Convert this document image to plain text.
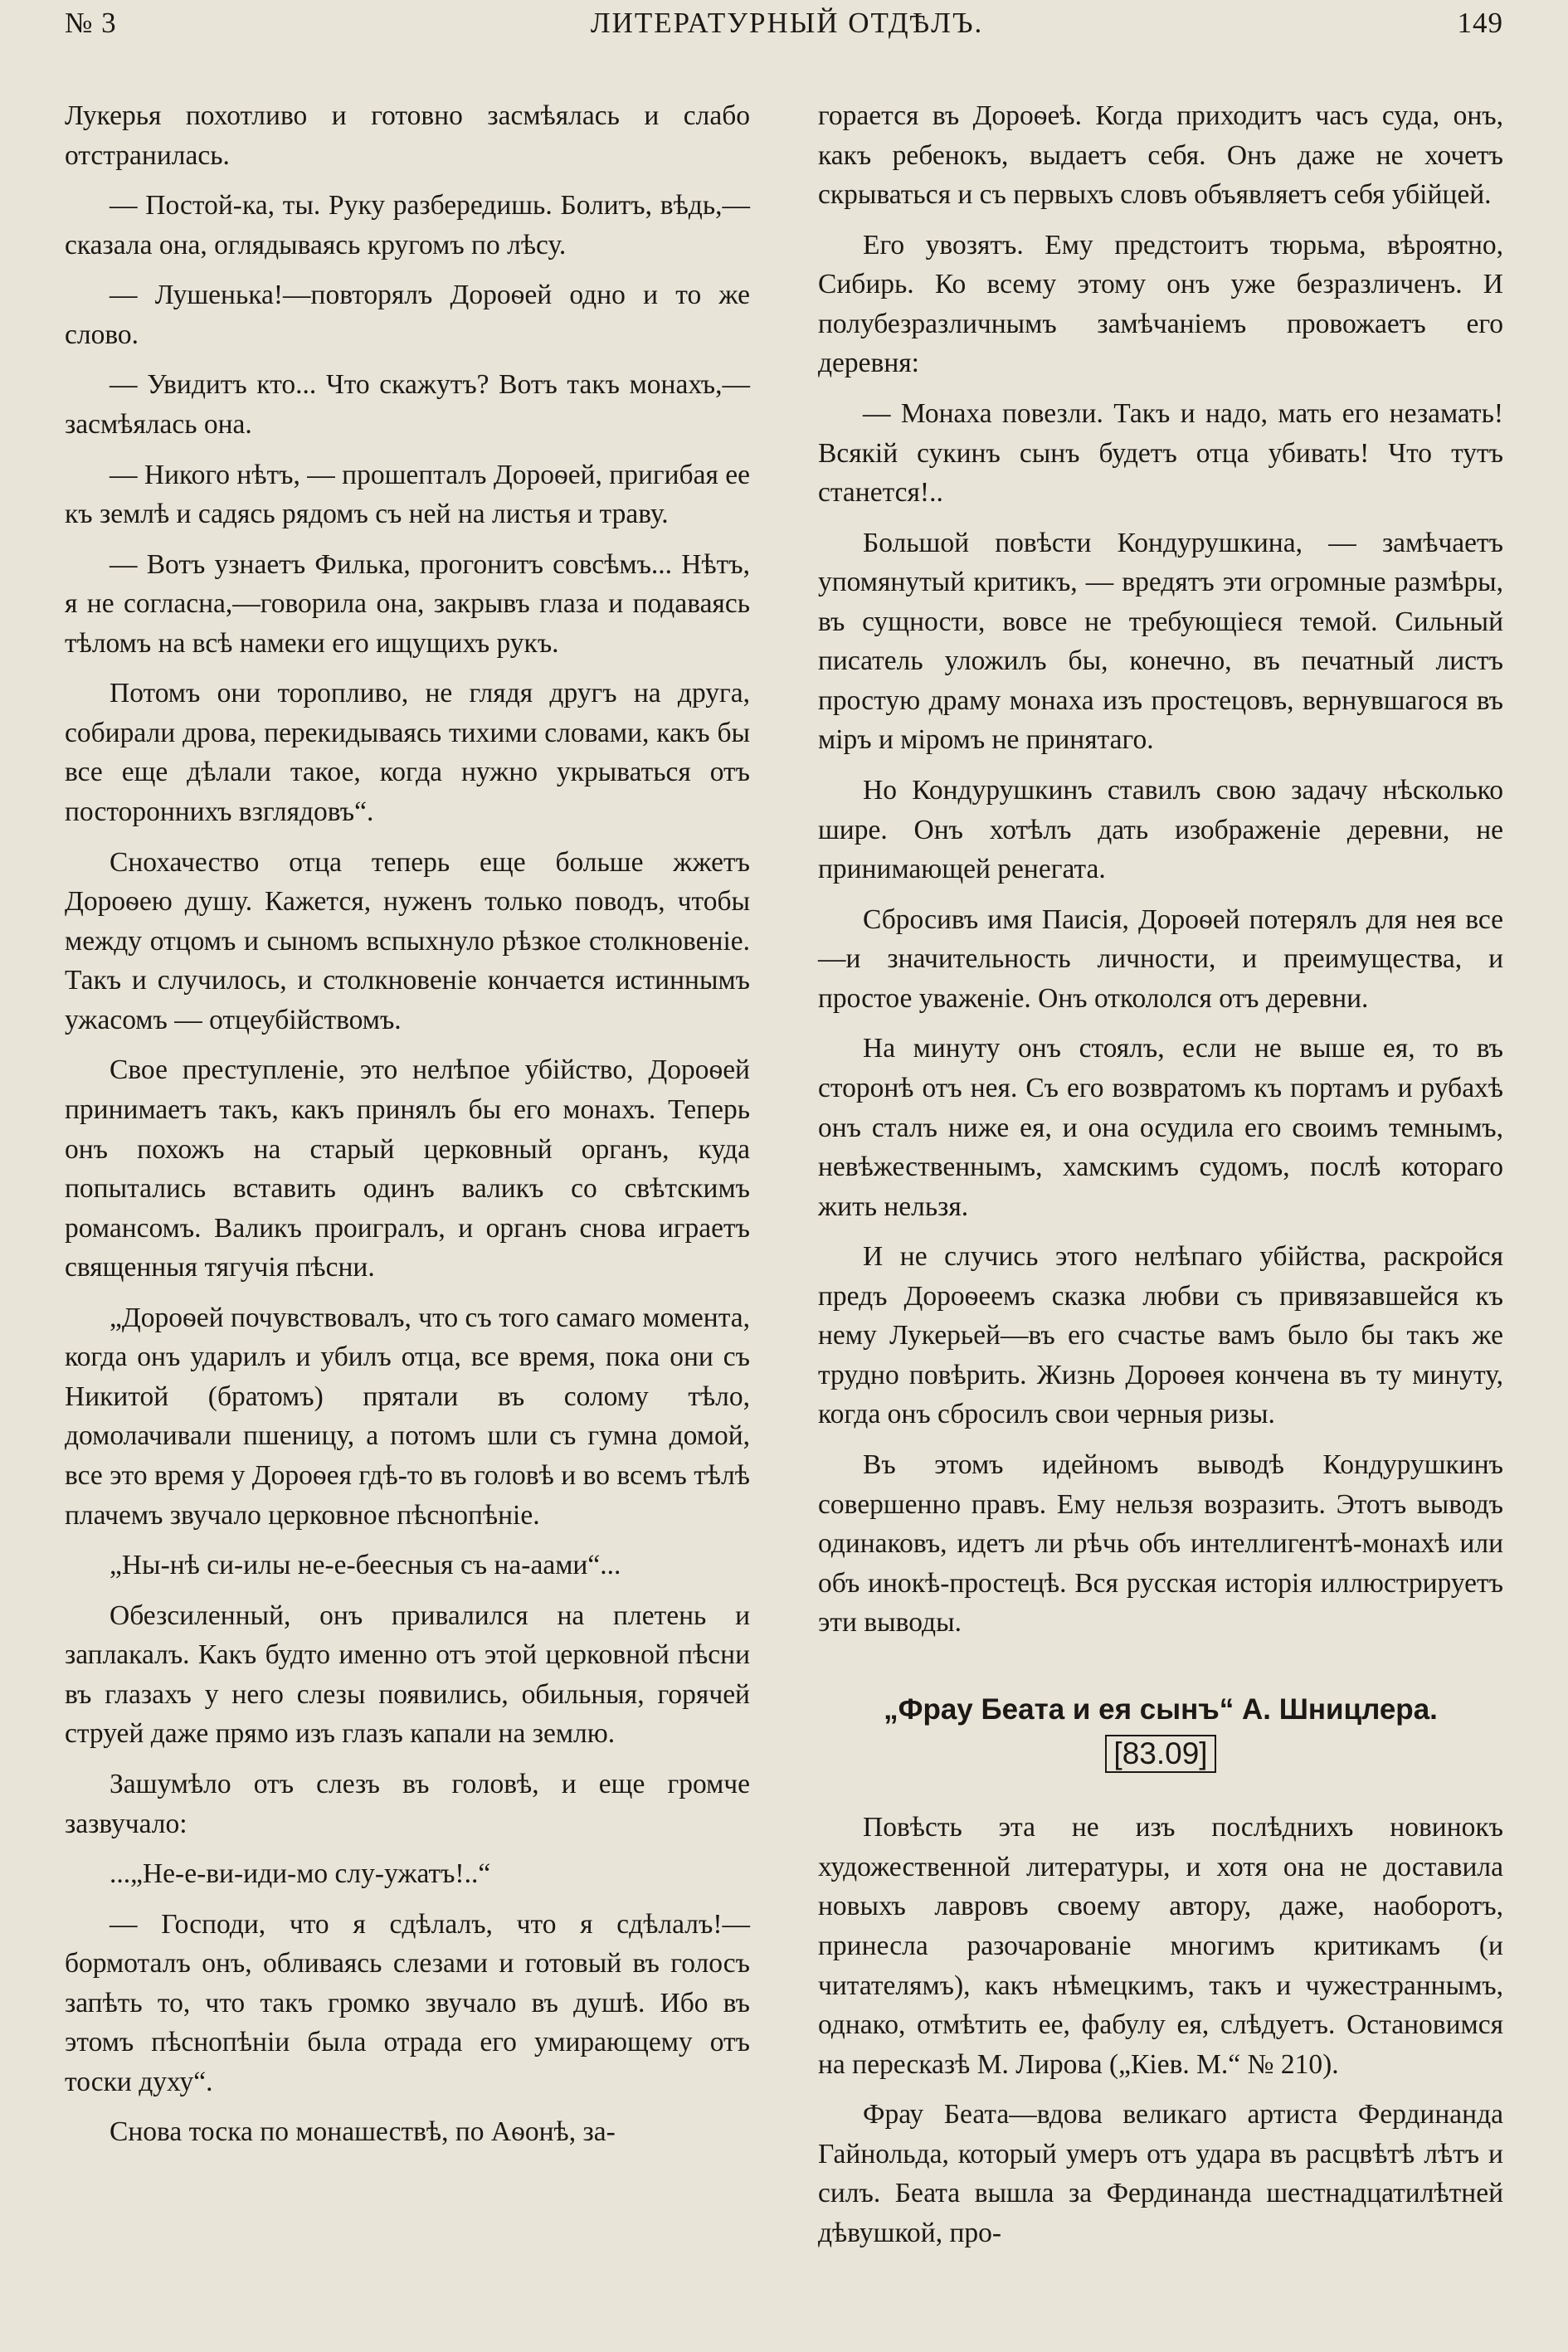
№ 3	ЛИТЕРАТУРНЫЙ ОТДѢЛЪ.	149

Лукерья похотливо и готовно засмѣялась и слабо отстранилась.

— Постой-ка, ты. Руку разбередишь. Болитъ, вѣдь,— сказала она, оглядываясь кругомъ по лѣсу.

— Лушенька!—повторялъ Дороѳей одно и то же слово.

— Увидитъ кто... Что скажутъ? Вотъ такъ монахъ,—засмѣялась она.

— Никого нѣтъ, — прошепталъ Дороѳей, пригибая ее къ землѣ и садясь рядомъ съ ней на листья и траву.

— Вотъ узнаетъ Филька, прогонитъ совсѣмъ... Нѣтъ, я не согласна,—говорила она, закрывъ глаза и подаваясь тѣломъ на всѣ намеки его ищущихъ рукъ.

Потомъ они торопливо, не глядя другъ на друга, собирали дрова, перекидываясь тихими словами, какъ бы все еще дѣлали такое, когда нужно укрываться отъ постороннихъ взглядовъ“.

Снохачество отца теперь еще больше жжетъ Дороѳею душу. Кажется, нуженъ только поводъ, чтобы между отцомъ и сыномъ вспыхнуло рѣзкое столкновеніе. Такъ и случилось, и столкновеніе кончается истиннымъ ужасомъ — отцеубійствомъ.

Свое преступленіе, это нелѣпое убійство, Дороѳей принимаетъ такъ, какъ принялъ бы его монахъ. Теперь онъ похожъ на старый церковный органъ, куда попытались вставить одинъ валикъ со свѣтскимъ романсомъ. Валикъ проигралъ, и органъ снова играетъ священныя тягучія пѣсни.

„Дороѳей почувствовалъ, что съ того самаго момента, когда онъ ударилъ и убилъ отца, все время, пока они съ Никитой (братомъ) прятали въ солому тѣло, домолачивали пшеницу, а потомъ шли съ гумна домой, все это время у Дороѳея гдѣ-то въ головѣ и во всемъ тѣлѣ плачемъ звучало церковное пѣснопѣніе.

„Ны-нѣ си-илы не-е-беесныя съ на-аами“...

Обезсиленный, онъ привалился на плетень и заплакалъ. Какъ будто именно отъ этой церковной пѣсни въ глазахъ у него слезы появились, обильныя, горячей струей даже прямо изъ глазъ капали на землю.

Зашумѣло отъ слезъ въ головѣ, и еще громче зазвучало:

...„Не-е-ви-иди-мо слу-ужатъ!..“

— Господи, что я сдѣлалъ, что я сдѣлалъ!—бормоталъ онъ, обливаясь слезами и готовый въ голосъ запѣть то, что такъ громко звучало въ душѣ. Ибо въ этомъ пѣснопѣніи была отрада его умирающему отъ тоски духу“.

Снова тоска по монашествѣ, по Аѳонѣ, за-

горается въ Дороѳеѣ. Когда приходитъ часъ суда, онъ, какъ ребенокъ, выдаетъ себя. Онъ даже не хочетъ скрываться и съ первыхъ словъ объявляетъ себя убійцей.

Его увозятъ. Ему предстоитъ тюрьма, вѣроятно, Сибирь. Ко всему этому онъ уже безразличенъ. И полубезразличнымъ замѣчаніемъ провожаетъ его деревня:

— Монаха повезли. Такъ и надо, мать его незамать! Всякій сукинъ сынъ будетъ отца убивать! Что тутъ станется!..

Большой повѣсти Кондурушкина, — замѣчаетъ упомянутый критикъ, — вредятъ эти огромные размѣры, въ сущности, вовсе не требующіеся темой. Сильный писатель уложилъ бы, конечно, въ печатный листъ простую драму монаха изъ простецовъ, вернувшагося въ міръ и міромъ не принятаго.

Но Кондурушкинъ ставилъ свою задачу нѣсколько шире. Онъ хотѣлъ дать изображеніе деревни, не принимающей ренегата.

Сбросивъ имя Паисія, Дороѳей потерялъ для нея все—и значительность личности, и преимущества, и простое уваженіе. Онъ откололся отъ деревни.

На минуту онъ стоялъ, если не выше ея, то въ сторонѣ отъ нея. Съ его возвратомъ къ портамъ и рубахѣ онъ сталъ ниже ея, и она осудила его своимъ темнымъ, невѣжественнымъ, хамскимъ судомъ, послѣ котораго жить нельзя.

И не случись этого нелѣпаго убійства, раскройся предъ Дороѳеемъ сказка любви съ привязавшейся къ нему Лукерьей—въ его счастье вамъ было бы такъ же трудно повѣрить. Жизнь Дороѳея кончена въ ту минуту, когда онъ сбросилъ свои черныя ризы.

Въ этомъ идейномъ выводѣ Кондурушкинъ совершенно правъ. Ему нельзя возразить. Этотъ выводъ одинаковъ, идетъ ли рѣчь объ интеллигентѣ-монахѣ или объ инокѣ-простецѣ. Вся русская исторія иллюстрируетъ эти выводы.

„Фрау Беата и ея сынъ“ А. Шницлера.
[83.09]

Повѣсть эта не изъ послѣднихъ новинокъ художественной литературы, и хотя она не доставила новыхъ лавровъ своему автору, даже, наоборотъ, принесла разочарованіе многимъ критикамъ (и читателямъ), какъ нѣмецкимъ, такъ и чужестраннымъ, однако, отмѣтить ее, фабулу ея, слѣдуетъ. Остановимся на пересказѣ М. Лирова („Кіев. М.“ № 210).

Фрау Беата—вдова великаго артиста Фердинанда Гайнольда, который умеръ отъ удара въ расцвѣтѣ лѣтъ и силъ. Беата вышла за Фердинанда шестнадцатилѣтней дѣвушкой, про-
